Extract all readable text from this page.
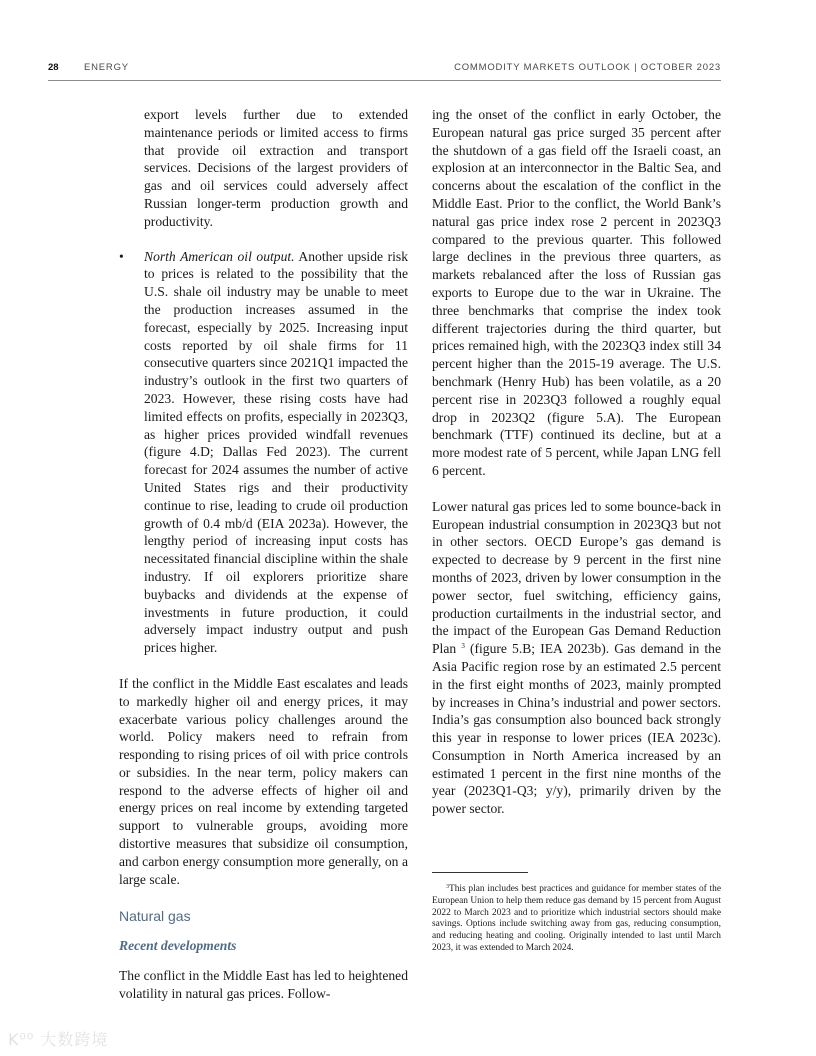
28	ENERGY	COMMODITY MARKETS OUTLOOK | OCTOBER 2023

export levels further due to extended maintenance periods or limited access to firms that provide oil extraction and transport services. Decisions of the largest providers of gas and oil services could adversely affect Russian longer-term production growth and productivity.

• North American oil output. Another upside risk to prices is related to the possibility that the U.S. shale oil industry may be unable to meet the production increases assumed in the forecast, especially by 2025. Increasing input costs reported by oil shale firms for 11 consecutive quarters since 2021Q1 impacted the industry’s outlook in the first two quarters of 2023. However, these rising costs have had limited effects on profits, especially in 2023Q3, as higher prices provided windfall revenues (figure 4.D; Dallas Fed 2023). The current forecast for 2024 assumes the number of active United States rigs and their productivity continue to rise, leading to crude oil production growth of 0.4 mb/d (EIA 2023a). However, the lengthy period of increasing input costs has necessitated financial discipline within the shale industry. If oil explorers prioritize share buybacks and dividends at the expense of investments in future production, it could adversely impact industry output and push prices higher.

If the conflict in the Middle East escalates and leads to markedly higher oil and energy prices, it may exacerbate various policy challenges around the world. Policy makers need to refrain from responding to rising prices of oil with price controls or subsidies. In the near term, policy makers can respond to the adverse effects of higher oil and energy prices on real income by extending targeted support to vulnerable groups, avoiding more distortive measures that subsidize oil consumption, and carbon energy consumption more generally, on a large scale.

Natural gas
Recent developments

The conflict in the Middle East has led to heightened volatility in natural gas prices. Follow-

ing the onset of the conflict in early October, the European natural gas price surged 35 percent after the shutdown of a gas field off the Israeli coast, an explosion at an interconnector in the Baltic Sea, and concerns about the escalation of the conflict in the Middle East. Prior to the conflict, the World Bank’s natural gas price index rose 2 percent in 2023Q3 compared to the previous quarter. This followed large declines in the previous three quarters, as markets rebalanced after the loss of Russian gas exports to Europe due to the war in Ukraine. The three benchmarks that comprise the index took different trajectories during the third quarter, but prices remained high, with the 2023Q3 index still 34 percent higher than the 2015-19 average. The U.S. benchmark (Henry Hub) has been volatile, as a 20 percent rise in 2023Q3 followed a roughly equal drop in 2023Q2 (figure 5.A). The European benchmark (TTF) continued its decline, but at a more modest rate of 5 percent, while Japan LNG fell 6 percent.

Lower natural gas prices led to some bounce-back in European industrial consumption in 2023Q3 but not in other sectors. OECD Europe’s gas demand is expected to decrease by 9 percent in the first nine months of 2023, driven by lower consumption in the power sector, fuel switching, efficiency gains, production curtailments in the industrial sector, and the impact of the European Gas Demand Reduction Plan $^3$ (figure 5.B; IEA 2023b). Gas demand in the Asia Pacific region rose by an estimated 2.5 percent in the first eight months of 2023, mainly prompted by increases in China’s industrial and power sectors. India’s gas consumption also bounced back strongly this year in response to lower prices (IEA 2023c). Consumption in North America increased by an estimated 1 percent in the first nine months of the year (2023Q1-Q3; y/y), primarily driven by the power sector.

$^3$This plan includes best practices and guidance for member states of the European Union to help them reduce gas demand by 15 percent from August 2022 to March 2023 and to prioritize which industrial sectors should make savings. Options include switching away from gas, reducing consumption, and reducing heating and cooling. Originally intended to last until March 2023, it was extended to March 2024.

K⁰⁰ 大数跨境
